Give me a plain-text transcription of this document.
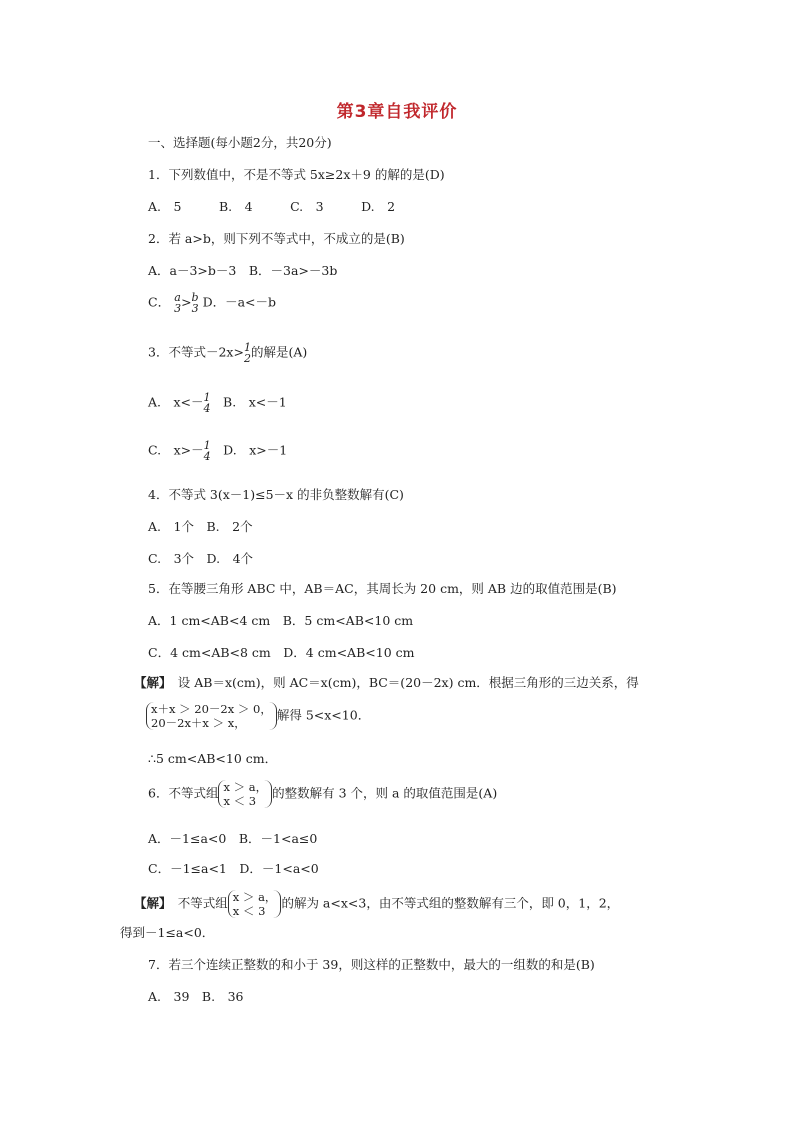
第3章自我评价
一、选择题(每小题2分，共20分)
1．下列数值中，不是不等式 5x≥2x＋9 的解的是(D)
A.　5　　　B.　4　　　C.　3　　　D.　2
2．若 a>b，则下列不等式中，不成立的是(B)
A．a－3>b－3　B．－3a>－3b
C． a
3 > b
3 D．－a<－b
3．不等式－2x> 1
2 的解是(A)
A.　x<－ 1
4
　 B.　x<－1
C.　x>－ 1
4
　 D.　x>－1
4．不等式 3(x－1)≤5－x 的非负整数解有(C)
A.　1个　B.　2个
C.　3个　D.　4个
5．在等腰三角形 ABC 中，AB＝AC，其周长为 20 cm，则 AB 边的取值范围是(B)
A．1 cm<AB<4 cm　B．5 cm<AB<10 cm
C．4 cm<AB<8 cm　D．4 cm<AB<10 cm
【解】　设 AB＝x(cm)，则 AC＝x(cm)，BC＝(20－2x) cm．根据三角形的三边关系，得
x＋x ＞ 20－2x ＞ 0，
20－2x＋x ＞ x，
解得 5<x<10．
∴5 cm<AB<10 cm．
6．不等式组 x ＞ a，
x ＜ 3
的整数解有 3 个，则 a 的取值范围是(A)
A．－1≤a<0　B．－1<a≤0
C．－1≤a<1　D．－1<a<0
【解】　不等式组 x ＞ a，
x ＜ 3
的解为 a<x<3，由不等式组的整数解有三个，即 0，1，2，
得到－1≤a<0．
7．若三个连续正整数的和小于 39，则这样的正整数中，最大的一组数的和是(B)
A.　39　B.　36
